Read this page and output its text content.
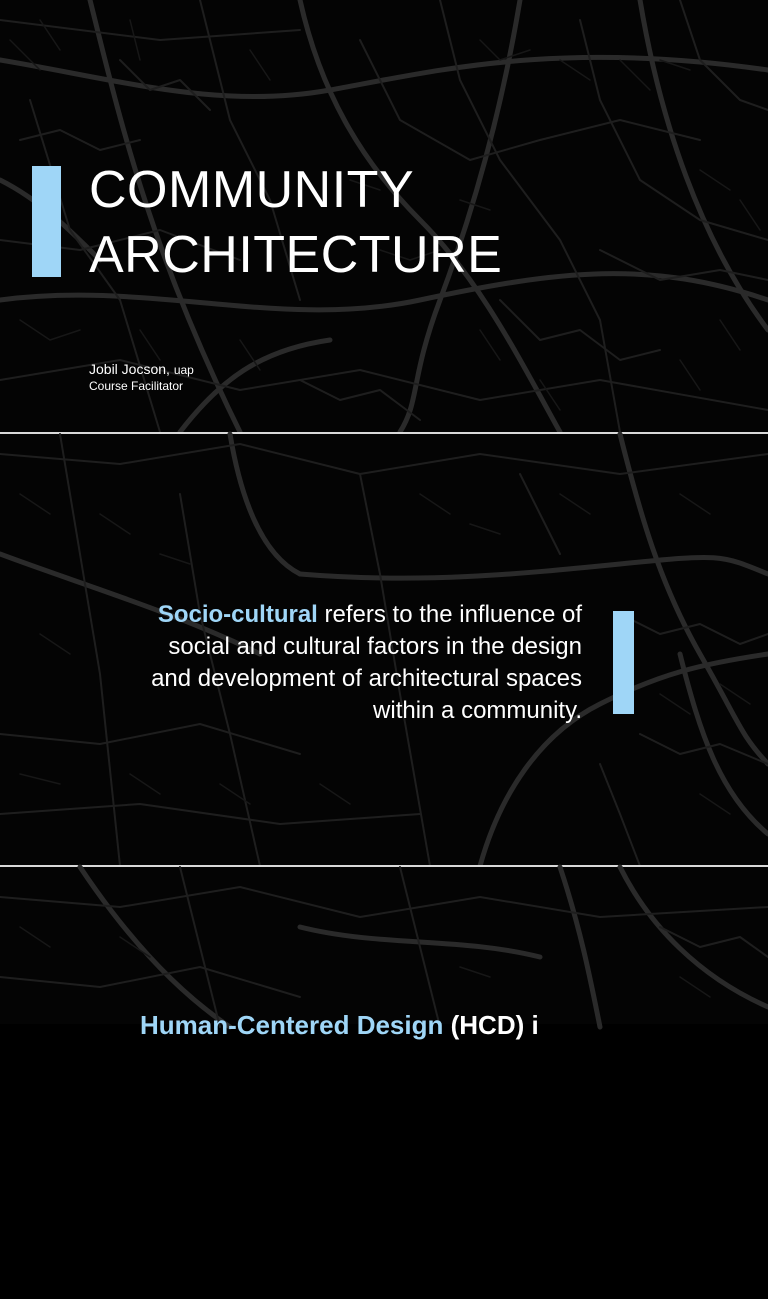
COMMUNITY
ARCHITECTURE
Jobil Jocson, uap
Course Facilitator
Socio-cultural refers to the influence of
social and cultural factors in the design
and development of architectural spaces
within a community.
Human-Centered Design (HCD) i
